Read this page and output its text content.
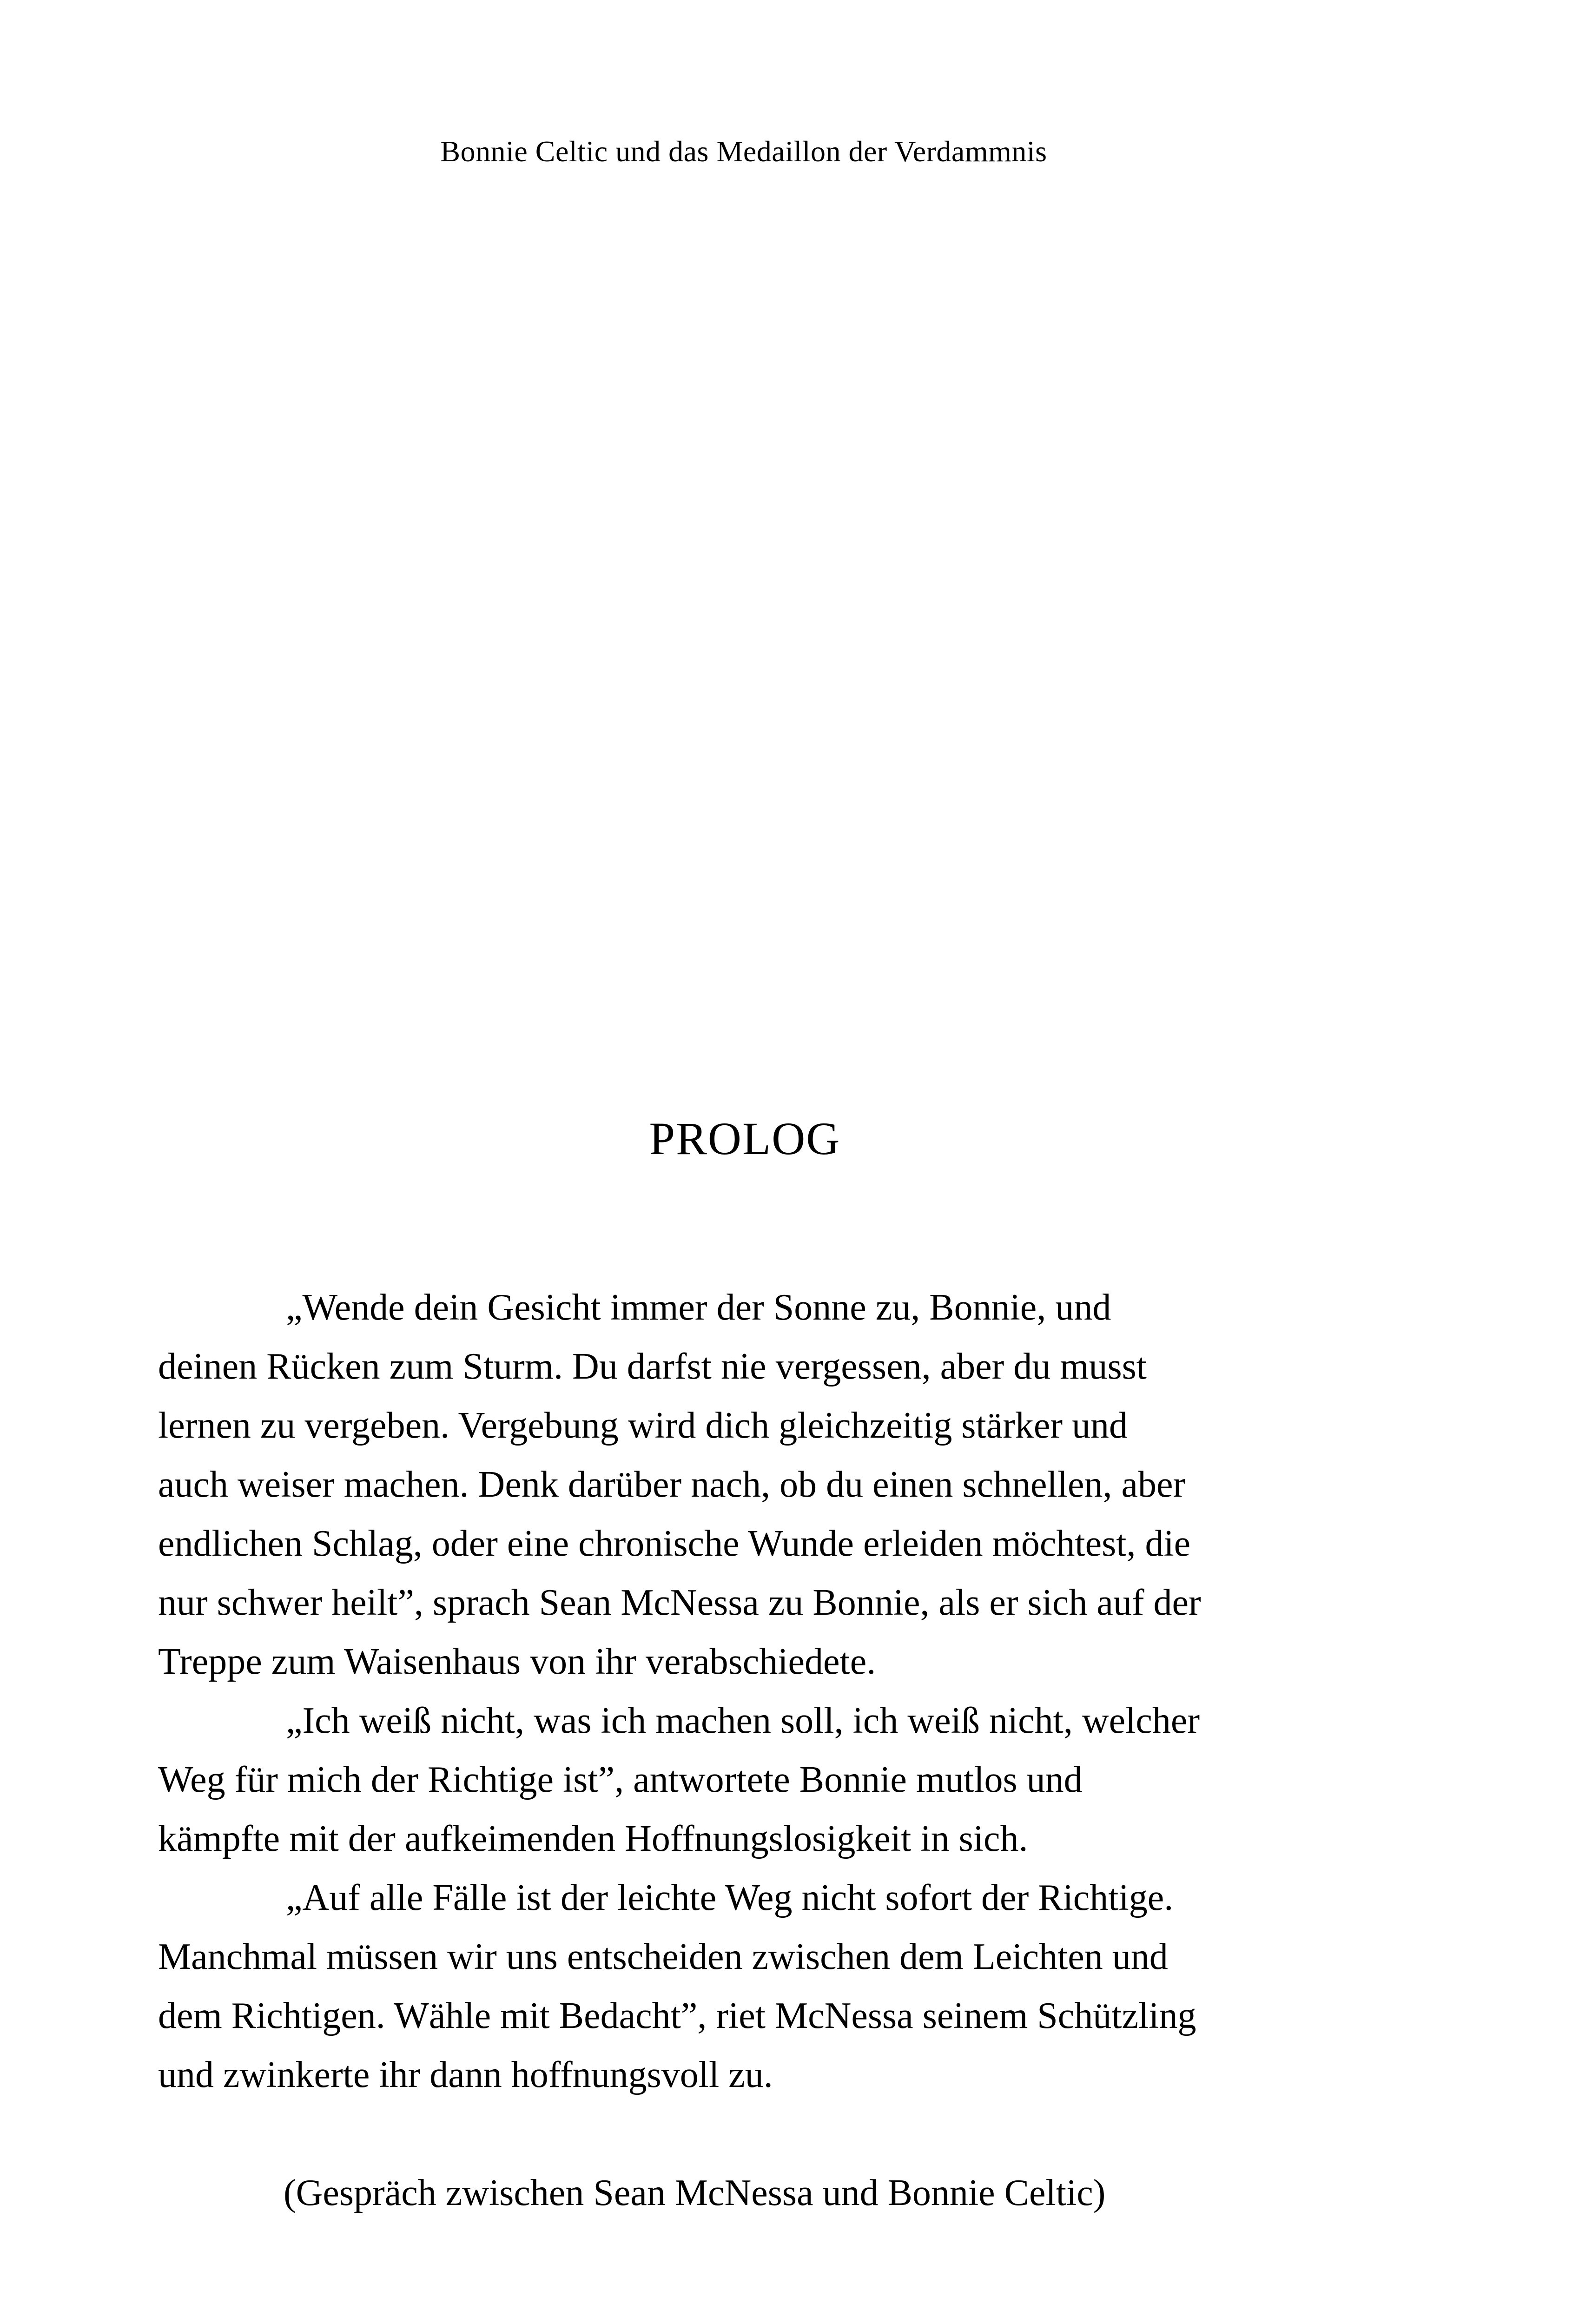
Bonnie Celtic und das Medaillon der Verdammnis
PROLOG

„Wende dein Gesicht immer der Sonne zu, Bonnie, und
deinen Rücken zum Sturm. Du darfst nie vergessen, aber du musst
lernen zu vergeben. Vergebung wird dich gleichzeitig stärker und
auch weiser machen. Denk darüber nach, ob du einen schnellen, aber
endlichen Schlag, oder eine chronische Wunde erleiden möchtest, die
nur schwer heilt”, sprach Sean McNessa zu Bonnie, als er sich auf der
Treppe zum Waisenhaus von ihr verabschiedete.

„Ich weiß nicht, was ich machen soll, ich weiß nicht, welcher
Weg für mich der Richtige ist”, antwortete Bonnie mutlos und
kämpfte mit der aufkeimenden Hoffnungslosigkeit in sich.

„Auf alle Fälle ist der leichte Weg nicht sofort der Richtige.
Manchmal müssen wir uns entscheiden zwischen dem Leichten und
dem Richtigen. Wähle mit Bedacht”, riet McNessa seinem Schützling
und zwinkerte ihr dann hoffnungsvoll zu.

(Gespräch zwischen Sean McNessa und Bonnie Celtic)
